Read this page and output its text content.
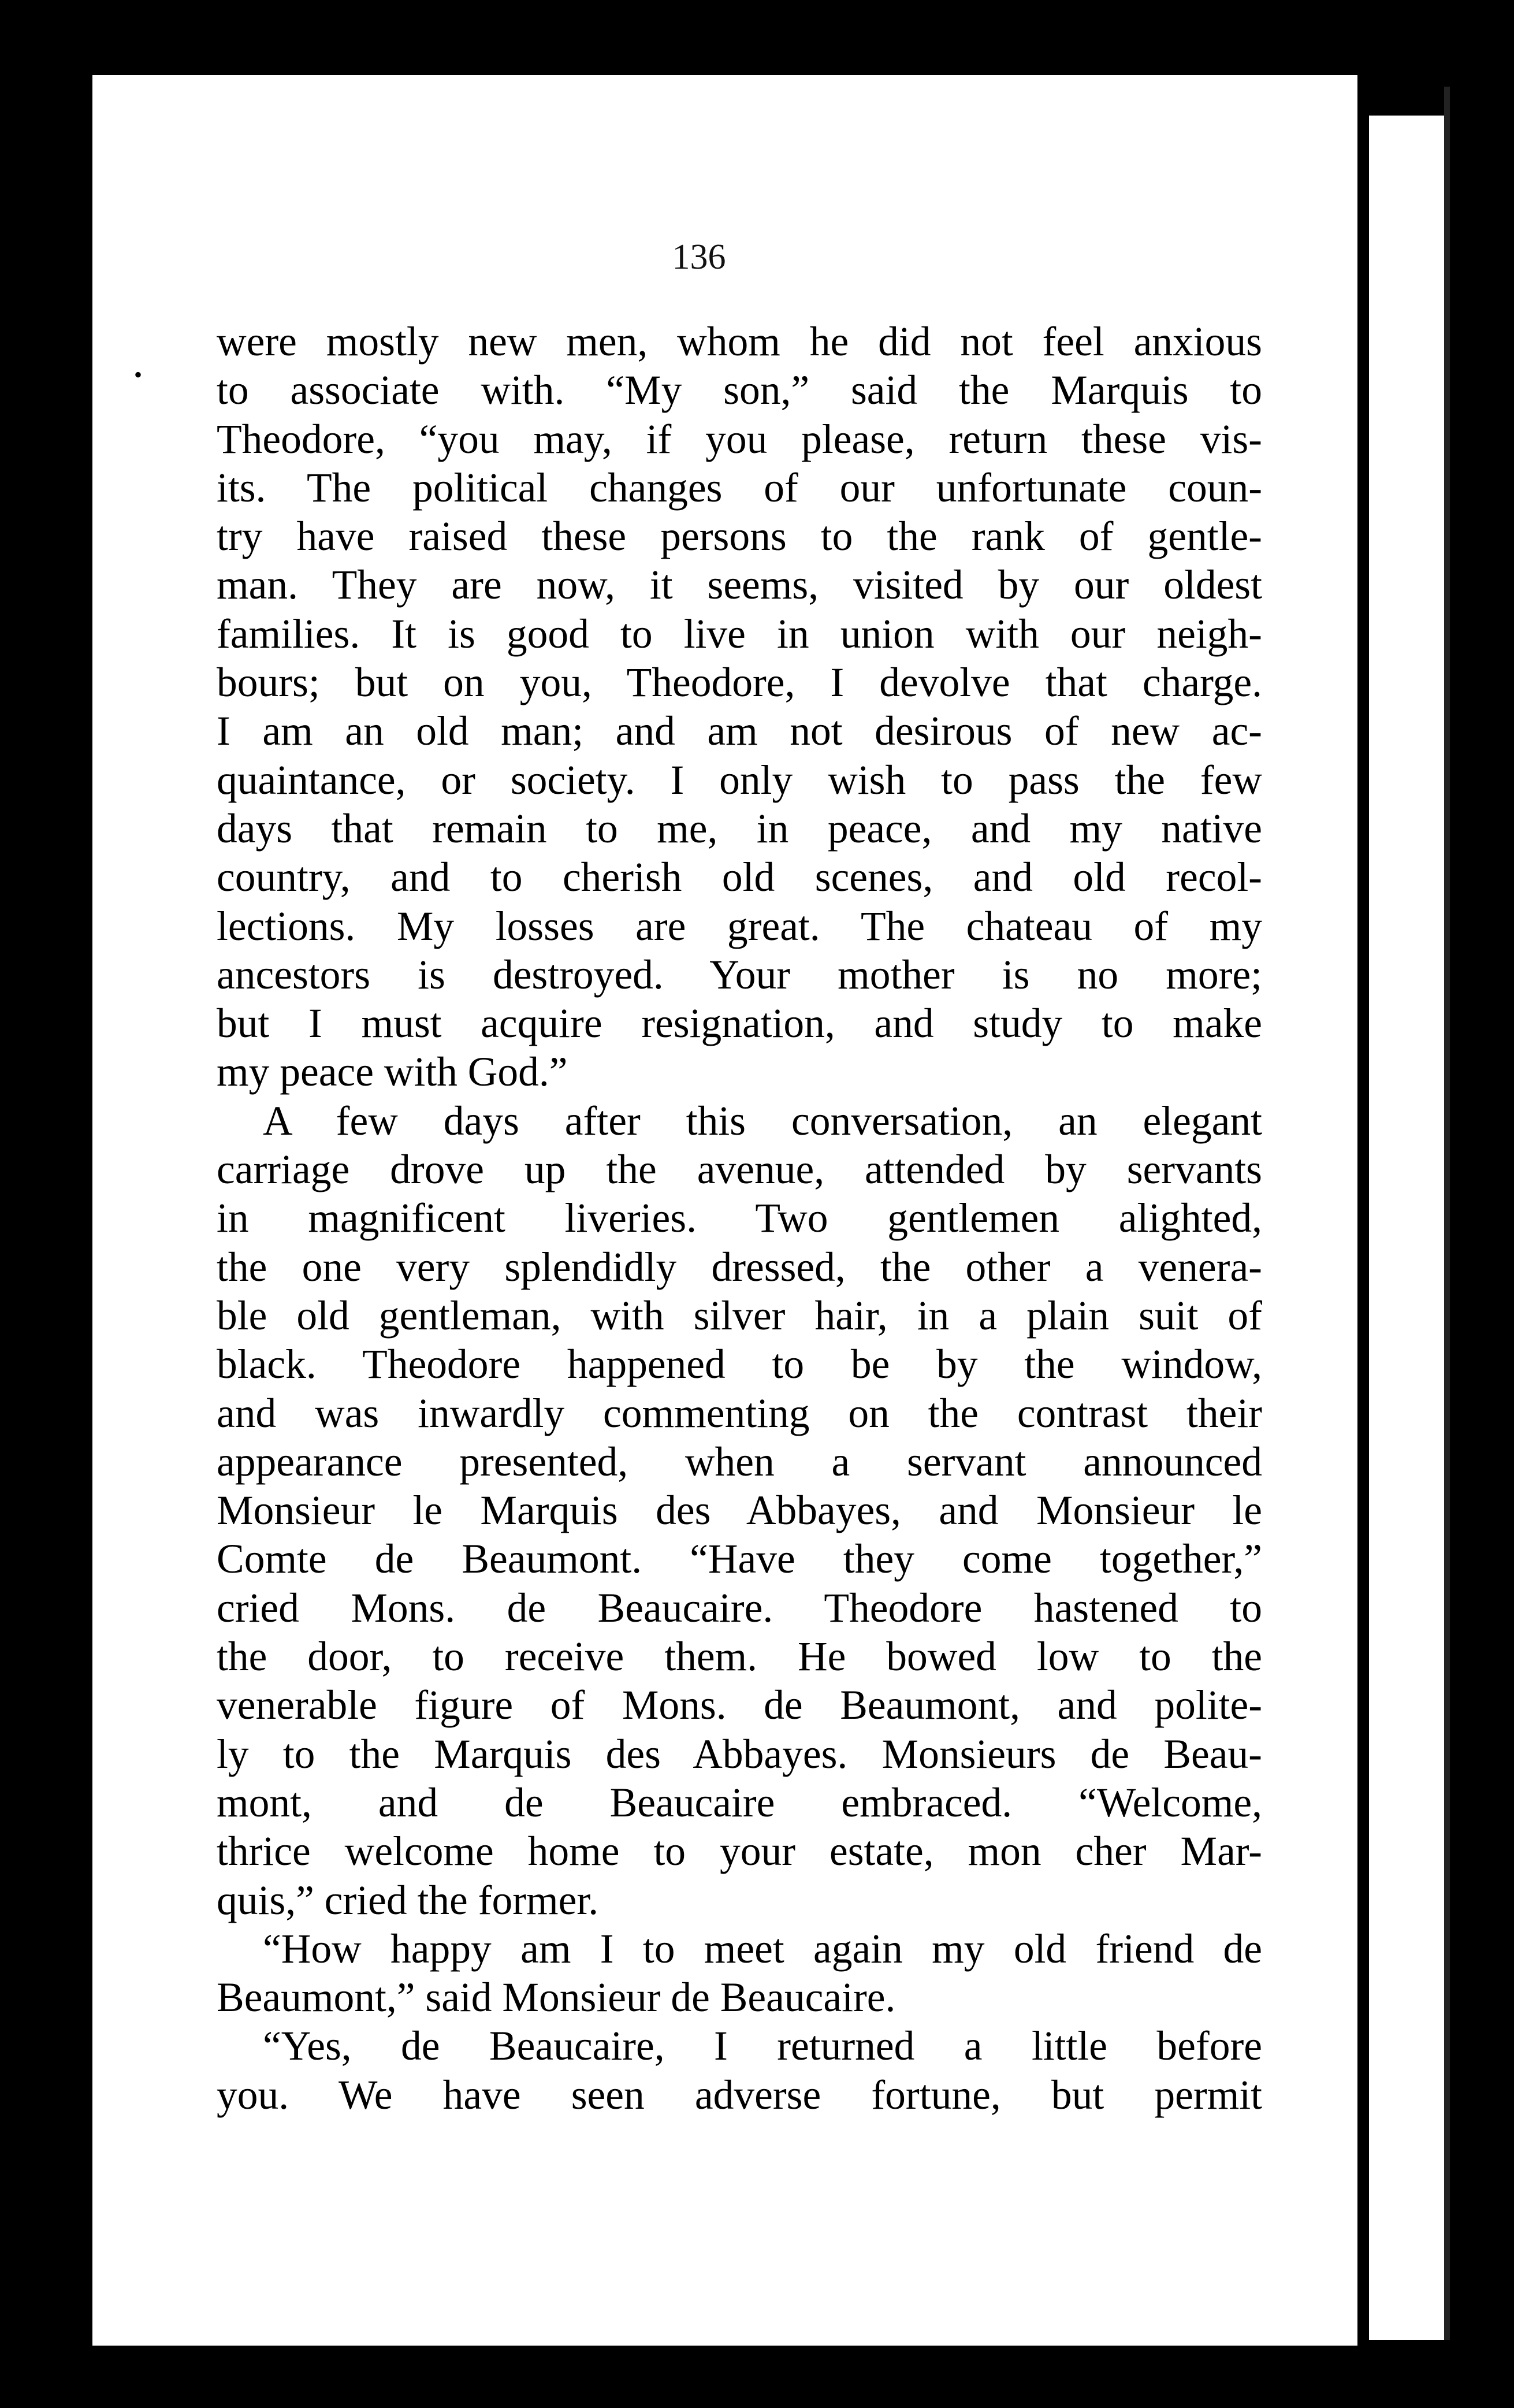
136
•
were mostly new men, whom he did not feel anxious
to associate with. “My son,” said the Marquis to
Theodore, “you may, if you please, return these vis-
its. The political changes of our unfortunate coun-
try have raised these persons to the rank of gentle-
man. They are now, it seems, visited by our oldest
families. It is good to live in union with our neigh-
bours; but on you, Theodore, I devolve that charge.
I am an old man; and am not desirous of new ac-
quaintance, or society. I only wish to pass the few
days that remain to me, in peace, and my native
country, and to cherish old scenes, and old recol-
lections. My losses are great. The chateau of my
ancestors is destroyed. Your mother is no more;
but I must acquire resignation, and study to make
my peace with God.”
A few days after this conversation, an elegant
carriage drove up the avenue, attended by servants
in magnificent liveries. Two gentlemen alighted,
the one very splendidly dressed, the other a venera-
ble old gentleman, with silver hair, in a plain suit of
black. Theodore happened to be by the window,
and was inwardly commenting on the contrast their
appearance presented, when a servant announced
Monsieur le Marquis des Abbayes, and Monsieur le
Comte de Beaumont. “Have they come together,”
cried Mons. de Beaucaire. Theodore hastened to
the door, to receive them. He bowed low to the
venerable figure of Mons. de Beaumont, and polite-
ly to the Marquis des Abbayes. Monsieurs de Beau-
mont, and de Beaucaire embraced. “Welcome,
thrice welcome home to your estate, mon cher Mar-
quis,” cried the former.
“How happy am I to meet again my old friend de
Beaumont,” said Monsieur de Beaucaire.
“Yes, de Beaucaire, I returned a little before
you. We have seen adverse fortune, but permit
